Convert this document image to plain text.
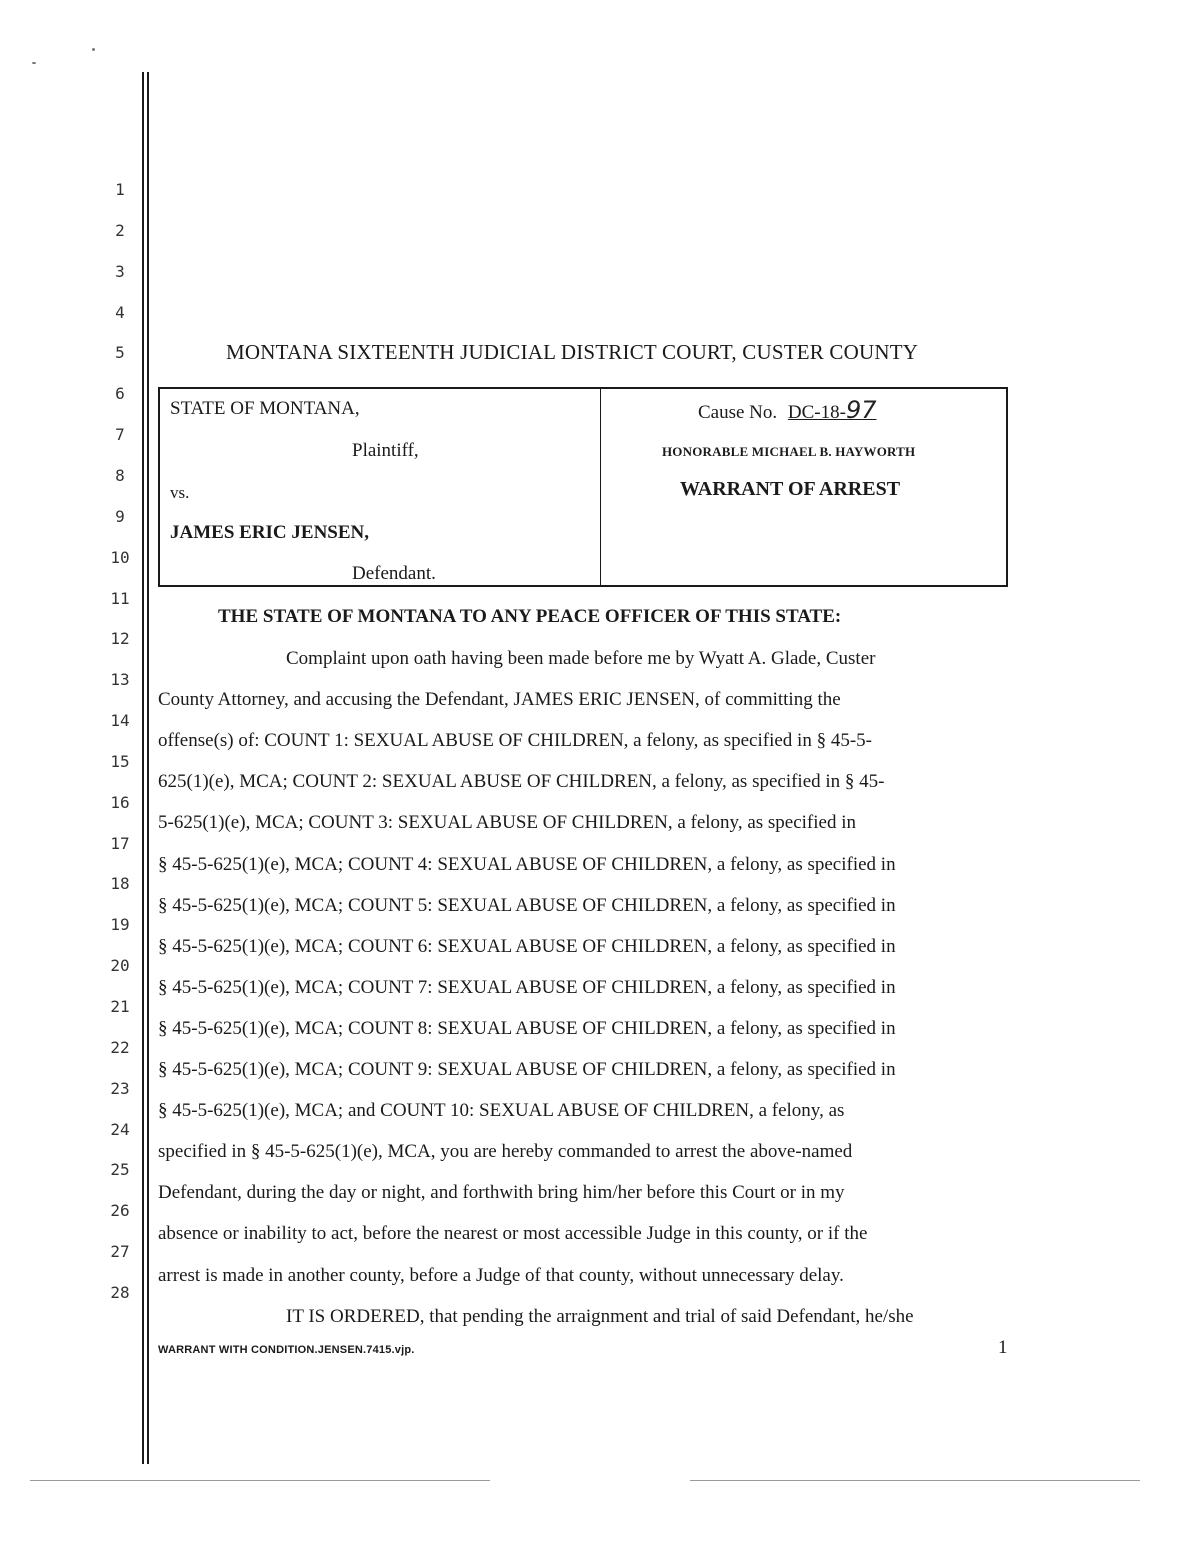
1
2
3
4
5
6
7
8
9
10
11
12
13
14
15
16
17
18
19
20
21
22
23
24
25
26
27
28
MONTANA SIXTEENTH JUDICIAL DISTRICT COURT, CUSTER COUNTY
STATE OF MONTANA,
Plaintiff,
vs.
JAMES ERIC JENSEN,
Defendant.
Cause No. DC-18-97
HONORABLE MICHAEL B. HAYWORTH
WARRANT OF ARREST
THE STATE OF MONTANA TO ANY PEACE OFFICER OF THIS STATE:
Complaint upon oath having been made before me by Wyatt A. Glade, Custer
County Attorney, and accusing the Defendant, JAMES ERIC JENSEN, of committing the
offense(s) of: COUNT 1: SEXUAL ABUSE OF CHILDREN, a felony, as specified in § 45-5-
625(1)(e), MCA; COUNT 2: SEXUAL ABUSE OF CHILDREN, a felony, as specified in § 45-
5-625(1)(e), MCA; COUNT 3: SEXUAL ABUSE OF CHILDREN, a felony, as specified in
§ 45-5-625(1)(e), MCA; COUNT 4: SEXUAL ABUSE OF CHILDREN, a felony, as specified in
§ 45-5-625(1)(e), MCA; COUNT 5: SEXUAL ABUSE OF CHILDREN, a felony, as specified in
§ 45-5-625(1)(e), MCA; COUNT 6: SEXUAL ABUSE OF CHILDREN, a felony, as specified in
§ 45-5-625(1)(e), MCA; COUNT 7: SEXUAL ABUSE OF CHILDREN, a felony, as specified in
§ 45-5-625(1)(e), MCA; COUNT 8: SEXUAL ABUSE OF CHILDREN, a felony, as specified in
§ 45-5-625(1)(e), MCA; COUNT 9: SEXUAL ABUSE OF CHILDREN, a felony, as specified in
§ 45-5-625(1)(e), MCA; and COUNT 10: SEXUAL ABUSE OF CHILDREN, a felony, as
specified in § 45-5-625(1)(e), MCA, you are hereby commanded to arrest the above-named
Defendant, during the day or night, and forthwith bring him/her before this Court or in my
absence or inability to act, before the nearest or most accessible Judge in this county, or if the
arrest is made in another county, before a Judge of that county, without unnecessary delay.
IT IS ORDERED, that pending the arraignment and trial of said Defendant, he/she
WARRANT WITH CONDITION.JENSEN.7415.vjp.	1
